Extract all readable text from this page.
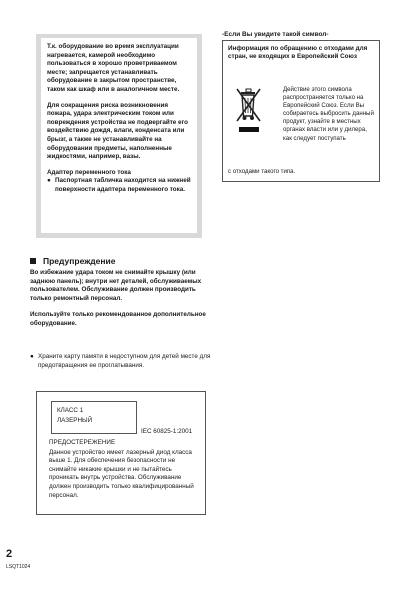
Т.к. оборудование во время эксплуатации нагревается, камерой необходимо пользоваться в хорошо проветриваемом месте; запрещается устанавливать оборудование в закрытом пространстве, таком как шкаф или в аналогичном месте.

Для сокращения риска возникновения пожара, удара электрическим током или повреждения устройства не подвергайте его воздействию дождя, влаги, конденсата или брызг, а также не устанавливайте на оборудовании предметы, наполненные жидкостями, например, вазы.

Адаптер переменного тока
● Паспортная табличка находится на нижней поверхности адаптера переменного тока.
-Если Вы увидите такой символ-
Информация по обращению с отходами для стран, не входящих в Европейский Союз
Действие этого символа распространяется только на Европейский Союз. Если Вы собираетесь выбросить данный продукт, узнайте в местных органах власти или у дилера, как следует поступать
с отходами такого типа.
Предупреждение

Во избежание удара током не снимайте крышку (или заднюю панель); внутри нет деталей, обслуживаемых пользователем. Обслуживание должен производить только ремонтный персонал.

Используйте только рекомендованное дополнительное оборудование.

● Храните карту памяти в недоступном для детей месте для предотвращения ее проглатывания.
КЛАСС 1
ЛАЗЕРНЫЙ
IEC 60825-1:2001
ПРЕДОСТЕРЕЖЕНИЕ
Данное устройство имеет лазерный диод класса выше 1. Для обеспечения безопасности не снимайте никакие крышки и не пытайтесь проникать внутрь устройства. Обслуживание должен производить только квалифицированный персонал.
2
LSQT1024
